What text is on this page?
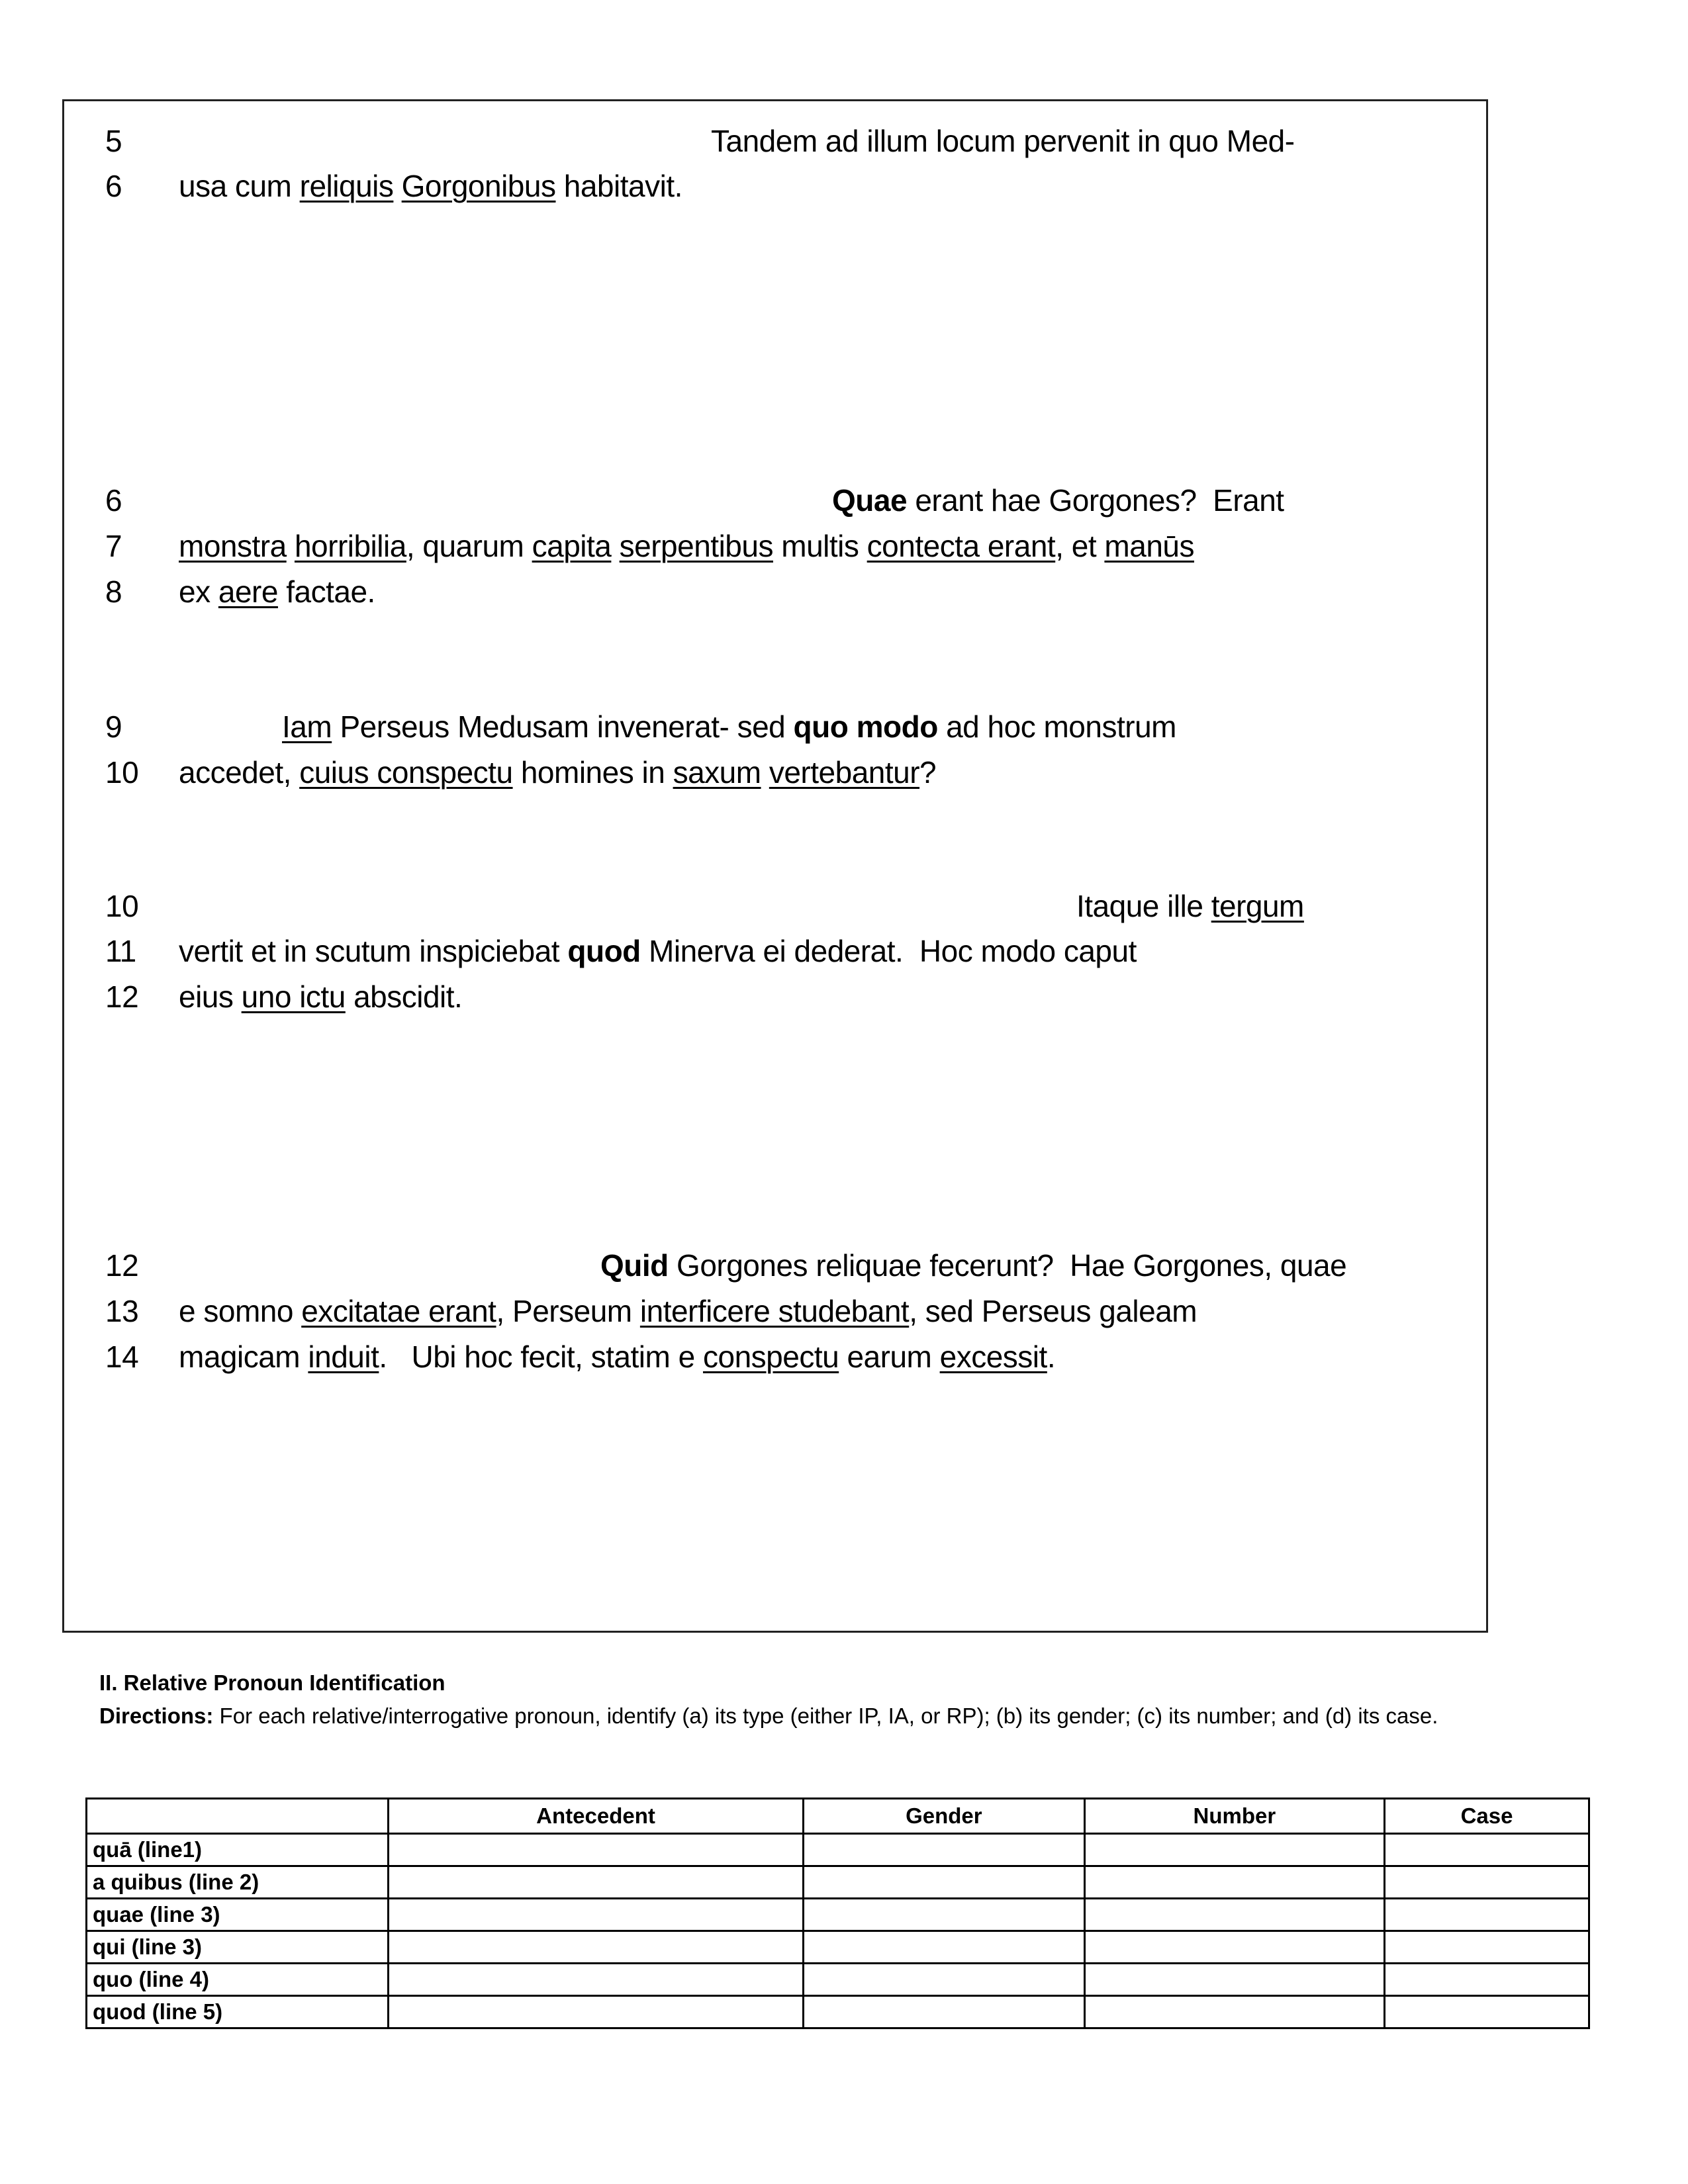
5	Tandem ad illum locum pervenit in quo Med-
6 usa cum reliquis Gorgonibus habitavit.
6	Quae erant hae Gorgones?  Erant
7 monstra horribilia, quarum capita serpentibus multis contecta erant, et manūs
8 ex aere factae.
9	Iam Perseus Medusam invenerat- sed quo modo ad hoc monstrum
10 accedet, cuius conspectu homines in saxum vertebantur?
10	Itaque ille tergum
11 vertit et in scutum inspiciebat quod Minerva ei dederat.  Hoc modo caput
12 eius uno ictu abscidit.
12	Quid Gorgones reliquae fecerunt?  Hae Gorgones, quae
13 e somno excitatae erant, Perseum interficere studebant, sed Perseus galeam
14 magicam induit.   Ubi hoc fecit, statim e conspectu earum excessit.
II. Relative Pronoun Identification
Directions: For each relative/interrogative pronoun, identify (a) its type (either IP, IA, or RP); (b) its gender; (c) its number; and (d) its case.
	Antecedent	Gender	Number	Case
quā (line1)				
a quibus (line 2)				
quae (line 3)				
qui (line 3)				
quo (line 4)				
quod (line 5)				
